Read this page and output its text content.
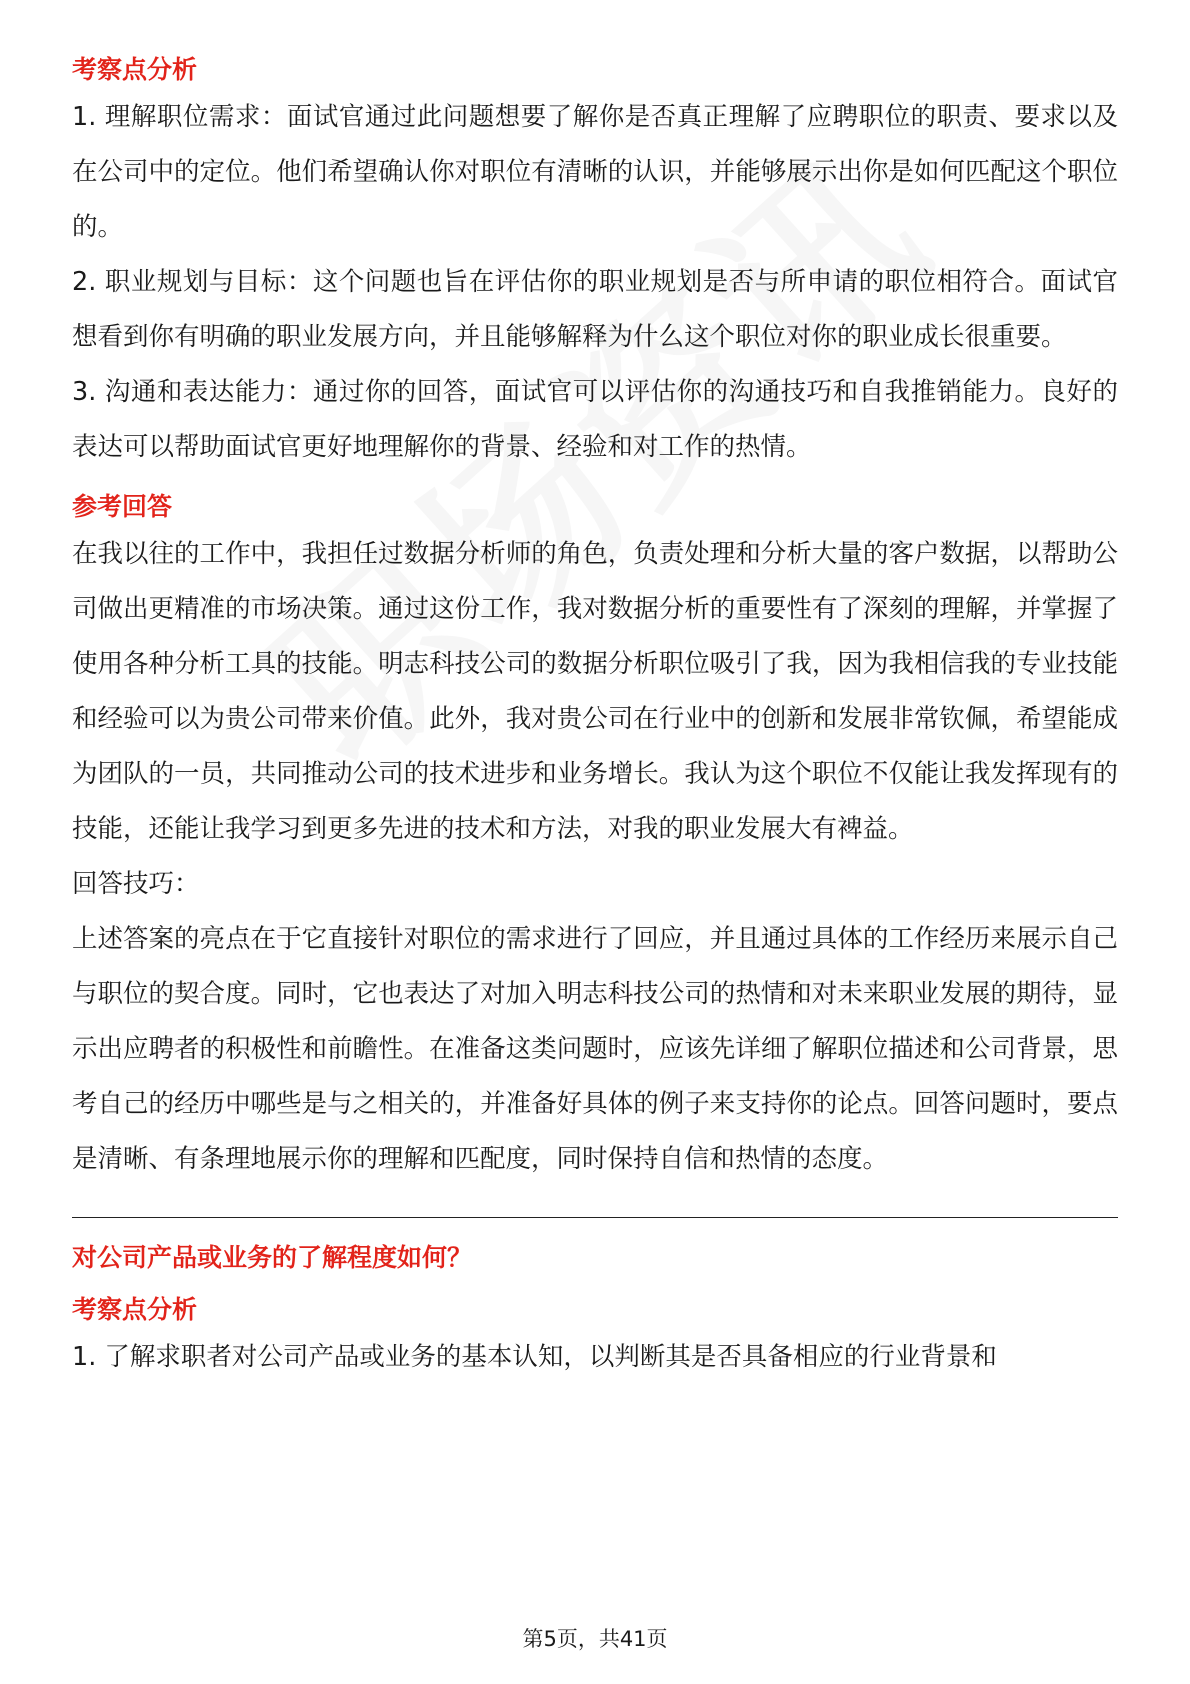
考察点分析

1. 理解职位需求：面试官通过此问题想要了解你是否真正理解了应聘职位的职责、要求以及在公司中的定位。他们希望确认你对职位有清晰的认识，并能够展示出你是如何匹配这个职位的。

2. 职业规划与目标：这个问题也旨在评估你的职业规划是否与所申请的职位相符合。面试官想看到你有明确的职业发展方向，并且能够解释为什么这个职位对你的职业成长很重要。

3. 沟通和表达能力：通过你的回答，面试官可以评估你的沟通技巧和自我推销能力。良好的表达可以帮助面试官更好地理解你的背景、经验和对工作的热情。

参考回答

在我以往的工作中，我担任过数据分析师的角色，负责处理和分析大量的客户数据，以帮助公司做出更精准的市场决策。通过这份工作，我对数据分析的重要性有了深刻的理解，并掌握了使用各种分析工具的技能。明志科技公司的数据分析职位吸引了我，因为我相信我的专业技能和经验可以为贵公司带来价值。此外，我对贵公司在行业中的创新和发展非常钦佩，希望能成为团队的一员，共同推动公司的技术进步和业务增长。我认为这个职位不仅能让我发挥现有的技能，还能让我学习到更多先进的技术和方法，对我的职业发展大有裨益。

回答技巧：

上述答案的亮点在于它直接针对职位的需求进行了回应，并且通过具体的工作经历来展示自己与职位的契合度。同时，它也表达了对加入明志科技公司的热情和对未来职业发展的期待，显示出应聘者的积极性和前瞻性。在准备这类问题时，应该先详细了解职位描述和公司背景，思考自己的经历中哪些是与之相关的，并准备好具体的例子来支持你的论点。回答问题时，要点是清晰、有条理地展示你的理解和匹配度，同时保持自信和热情的态度。

对公司产品或业务的了解程度如何？
考察点分析

1. 了解求职者对公司产品或业务的基本认知，以判断其是否具备相应的行业背景和

第5页，共41页
